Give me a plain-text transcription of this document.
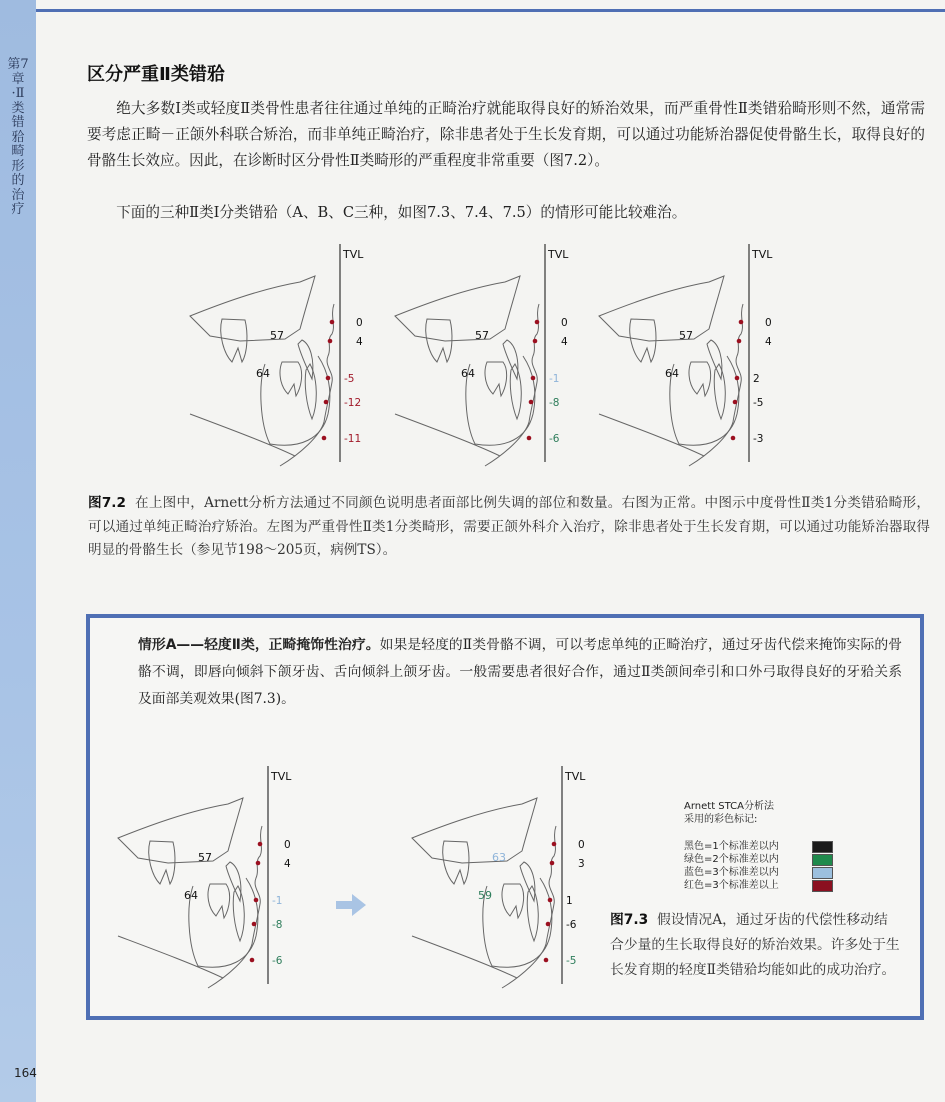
第7章·Ⅱ类错𬌗畸形的治疗
区分严重Ⅱ类错𬌗

绝大多数Ⅰ类或轻度Ⅱ类骨性患者往往通过单纯的正畸治疗就能取得良好的矫治效果，而严重骨性Ⅱ类错𬌗畸形则不然，通常需要考虑正畸－正颌外科联合矫治，而非单纯正畸治疗，除非患者处于生长发育期，可以通过功能矫治器促使骨骼生长，取得良好的骨骼生长效应。因此，在诊断时区分骨性Ⅱ类畸形的严重程度非常重要（图7.2）。

下面的三种Ⅱ类Ⅰ分类错𬌗（A、B、C三种，如图7.3、7.4、7.5）的情形可能比较难治。

TVL
57
64
0
4
-5
-12
-11
TVL
57
64
0
4
-1
-8
-6
TVL
57
64
0
4
2
-5
-3

图7.2 在上图中，Arnett分析方法通过不同颜色说明患者面部比例失调的部位和数量。右图为正常。中图示中度骨性Ⅱ类1分类错𬌗畸形，可以通过单纯正畸治疗矫治。左图为严重骨性Ⅱ类1分类畸形，需要正颌外科介入治疗，除非患者处于生长发育期，可以通过功能矫治器取得明显的骨骼生长（参见节198～205页，病例TS）。

情形A——轻度Ⅱ类，正畸掩饰性治疗。如果是轻度的Ⅱ类骨骼不调，可以考虑单纯的正畸治疗，通过牙齿代偿来掩饰实际的骨骼不调，即唇向倾斜下颌牙齿、舌向倾斜上颌牙齿。一般需要患者很好合作，通过Ⅱ类颌间牵引和口外弓取得良好的牙𬌗关系及面部美观效果(图7.3)。

TVL
57
64
0
4
-1
-8
-6
TVL
63
59
0
3
1
-6
-5
Arnett STCA分析法
采用的彩色标记:
黑色=1个标准差以内
绿色=2个标准差以内
蓝色=3个标准差以内
红色=3个标准差以上

图7.3 假设情况A，通过牙齿的代偿性移动结合少量的生长取得良好的矫治效果。许多处于生长发育期的轻度Ⅱ类错𬌗均能如此的成功治疗。

164
